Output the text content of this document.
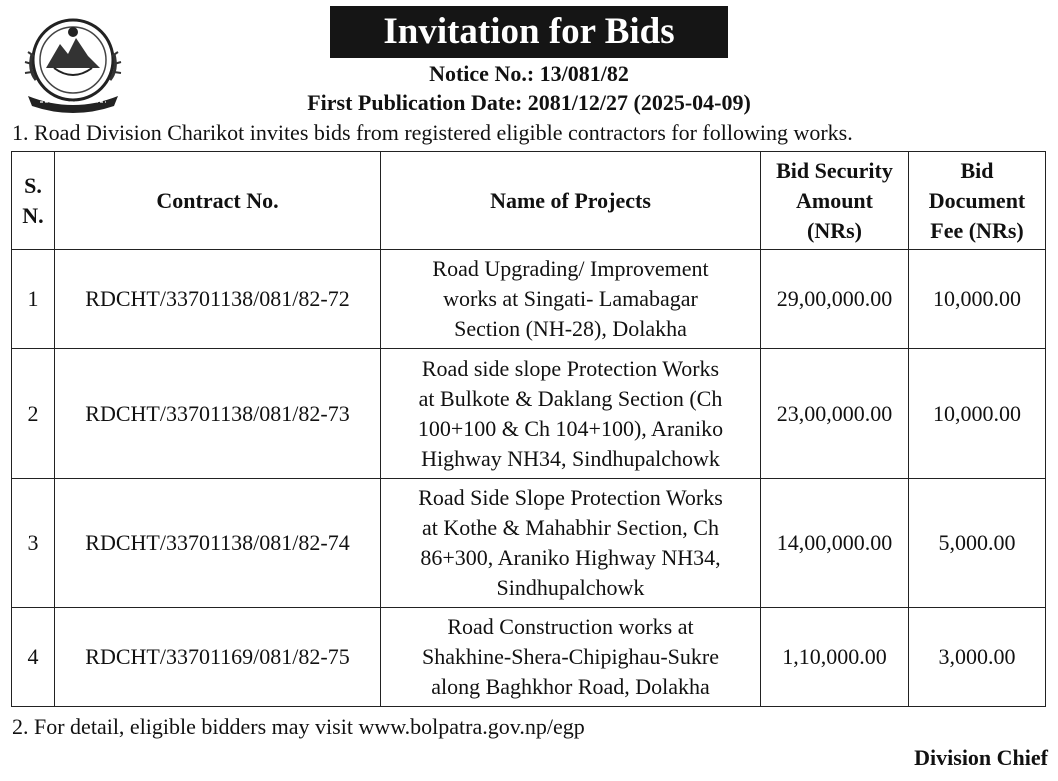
Invitation for Bids
Notice No.: 13/081/82
First Publication Date: 2081/12/27 (2025-04-09)
1. Road Division Charikot invites bids from registered eligible contractors for following works.
S.
N.	Contract No.	Name of Projects	Bid Security
Amount
(NRs)	Bid
Document
Fee (NRs)
1	RDCHT/33701138/081/82-72	Road Upgrading/ Improvement
works at Singati- Lamabagar
Section (NH-28), Dolakha	29,00,000.00	10,000.00
2	RDCHT/33701138/081/82-73	Road side slope Protection Works
at Bulkote & Daklang Section (Ch
100+100 & Ch 104+100), Araniko
Highway NH34, Sindhupalchowk	23,00,000.00	10,000.00
3	RDCHT/33701138/081/82-74	Road Side Slope Protection Works
at Kothe & Mahabhir Section, Ch
86+300, Araniko Highway NH34,
Sindhupalchowk	14,00,000.00	5,000.00
4	RDCHT/33701169/081/82-75	Road Construction works at
Shakhine-Shera-Chipighau-Sukre
along Baghkhor Road, Dolakha	1,10,000.00	3,000.00
2. For detail, eligible bidders may visit www.bolpatra.gov.np/egp
Division Chief
